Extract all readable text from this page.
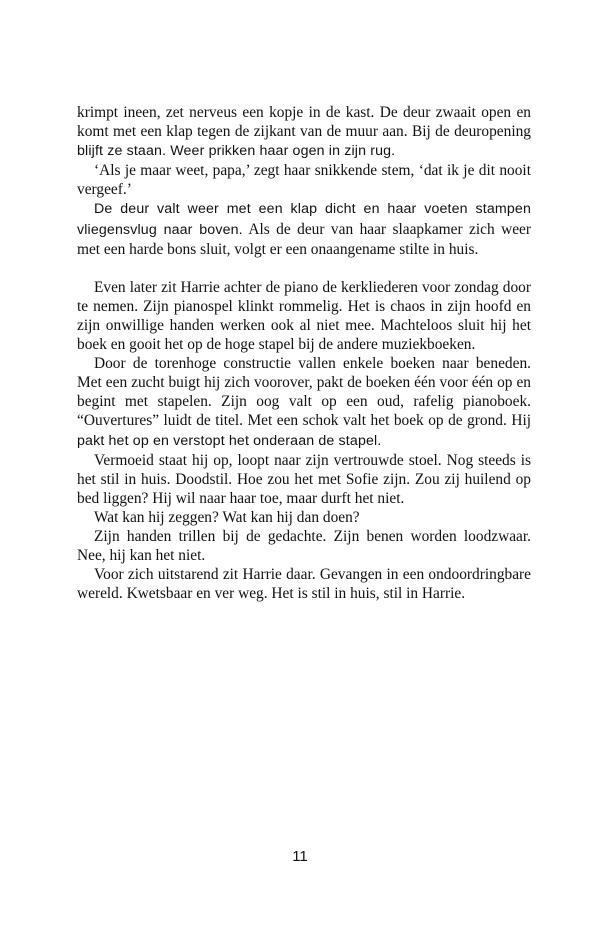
krimpt ineen, zet nerveus een kopje in de kast. De deur zwaait open en komt met een klap tegen de zijkant van de muur aan. Bij de deuropening blijft ze staan. Weer prikken haar ogen in zijn rug.

‘Als je maar weet, papa,’ zegt haar snikkende stem, ‘dat ik je dit nooit vergeef.’

De deur valt weer met een klap dicht en haar voeten stampen vliegensvlug naar boven. Als de deur van haar slaapkamer zich weer met een harde bons sluit, volgt er een onaangename stilte in huis.

Even later zit Harrie achter de piano de kerkliederen voor zondag door te nemen. Zijn pianospel klinkt rommelig. Het is chaos in zijn hoofd en zijn onwillige handen werken ook al niet mee. Machteloos sluit hij het boek en gooit het op de hoge stapel bij de andere muziekboeken.

Door de torenhoge constructie vallen enkele boeken naar beneden. Met een zucht buigt hij zich voorover, pakt de boeken één voor één op en begint met stapelen. Zijn oog valt op een oud, rafelig pianoboek. “Ouvertures” luidt de titel. Met een schok valt het boek op de grond. Hij pakt het op en verstopt het onderaan de stapel.

Vermoeid staat hij op, loopt naar zijn vertrouwde stoel. Nog steeds is het stil in huis. Doodstil. Hoe zou het met Sofie zijn. Zou zij huilend op bed liggen? Hij wil naar haar toe, maar durft het niet.

Wat kan hij zeggen? Wat kan hij dan doen?

Zijn handen trillen bij de gedachte. Zijn benen worden loodzwaar. Nee, hij kan het niet.

Voor zich uitstarend zit Harrie daar. Gevangen in een ondoordringbare wereld. Kwetsbaar en ver weg. Het is stil in huis, stil in Harrie.

11
